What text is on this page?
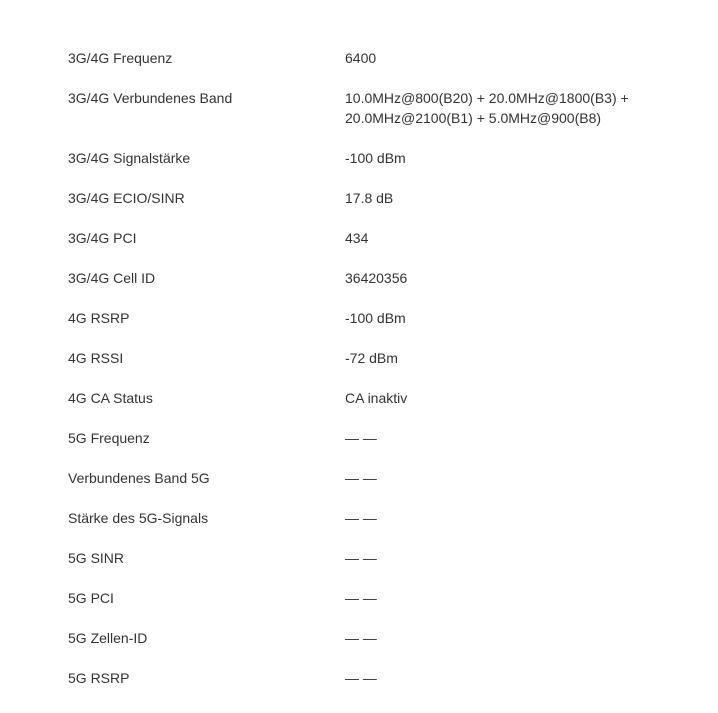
3G/4G Frequenz	6400
3G/4G Verbundenes Band	10.0MHz@800(B20) + 20.0MHz@1800(B3) +
20.0MHz@2100(B1) + 5.0MHz@900(B8)
3G/4G Signalstärke	-100 dBm
3G/4G ECIO/SINR	17.8 dB
3G/4G PCI	434
3G/4G Cell ID	36420356
4G RSRP	-100 dBm
4G RSSI	-72 dBm
4G CA Status	CA inaktiv
5G Frequenz	— —
Verbundenes Band 5G	— —
Stärke des 5G-Signals	— —
5G SINR	— —
5G PCI	— —
5G Zellen-ID	— —
5G RSRP	— —
